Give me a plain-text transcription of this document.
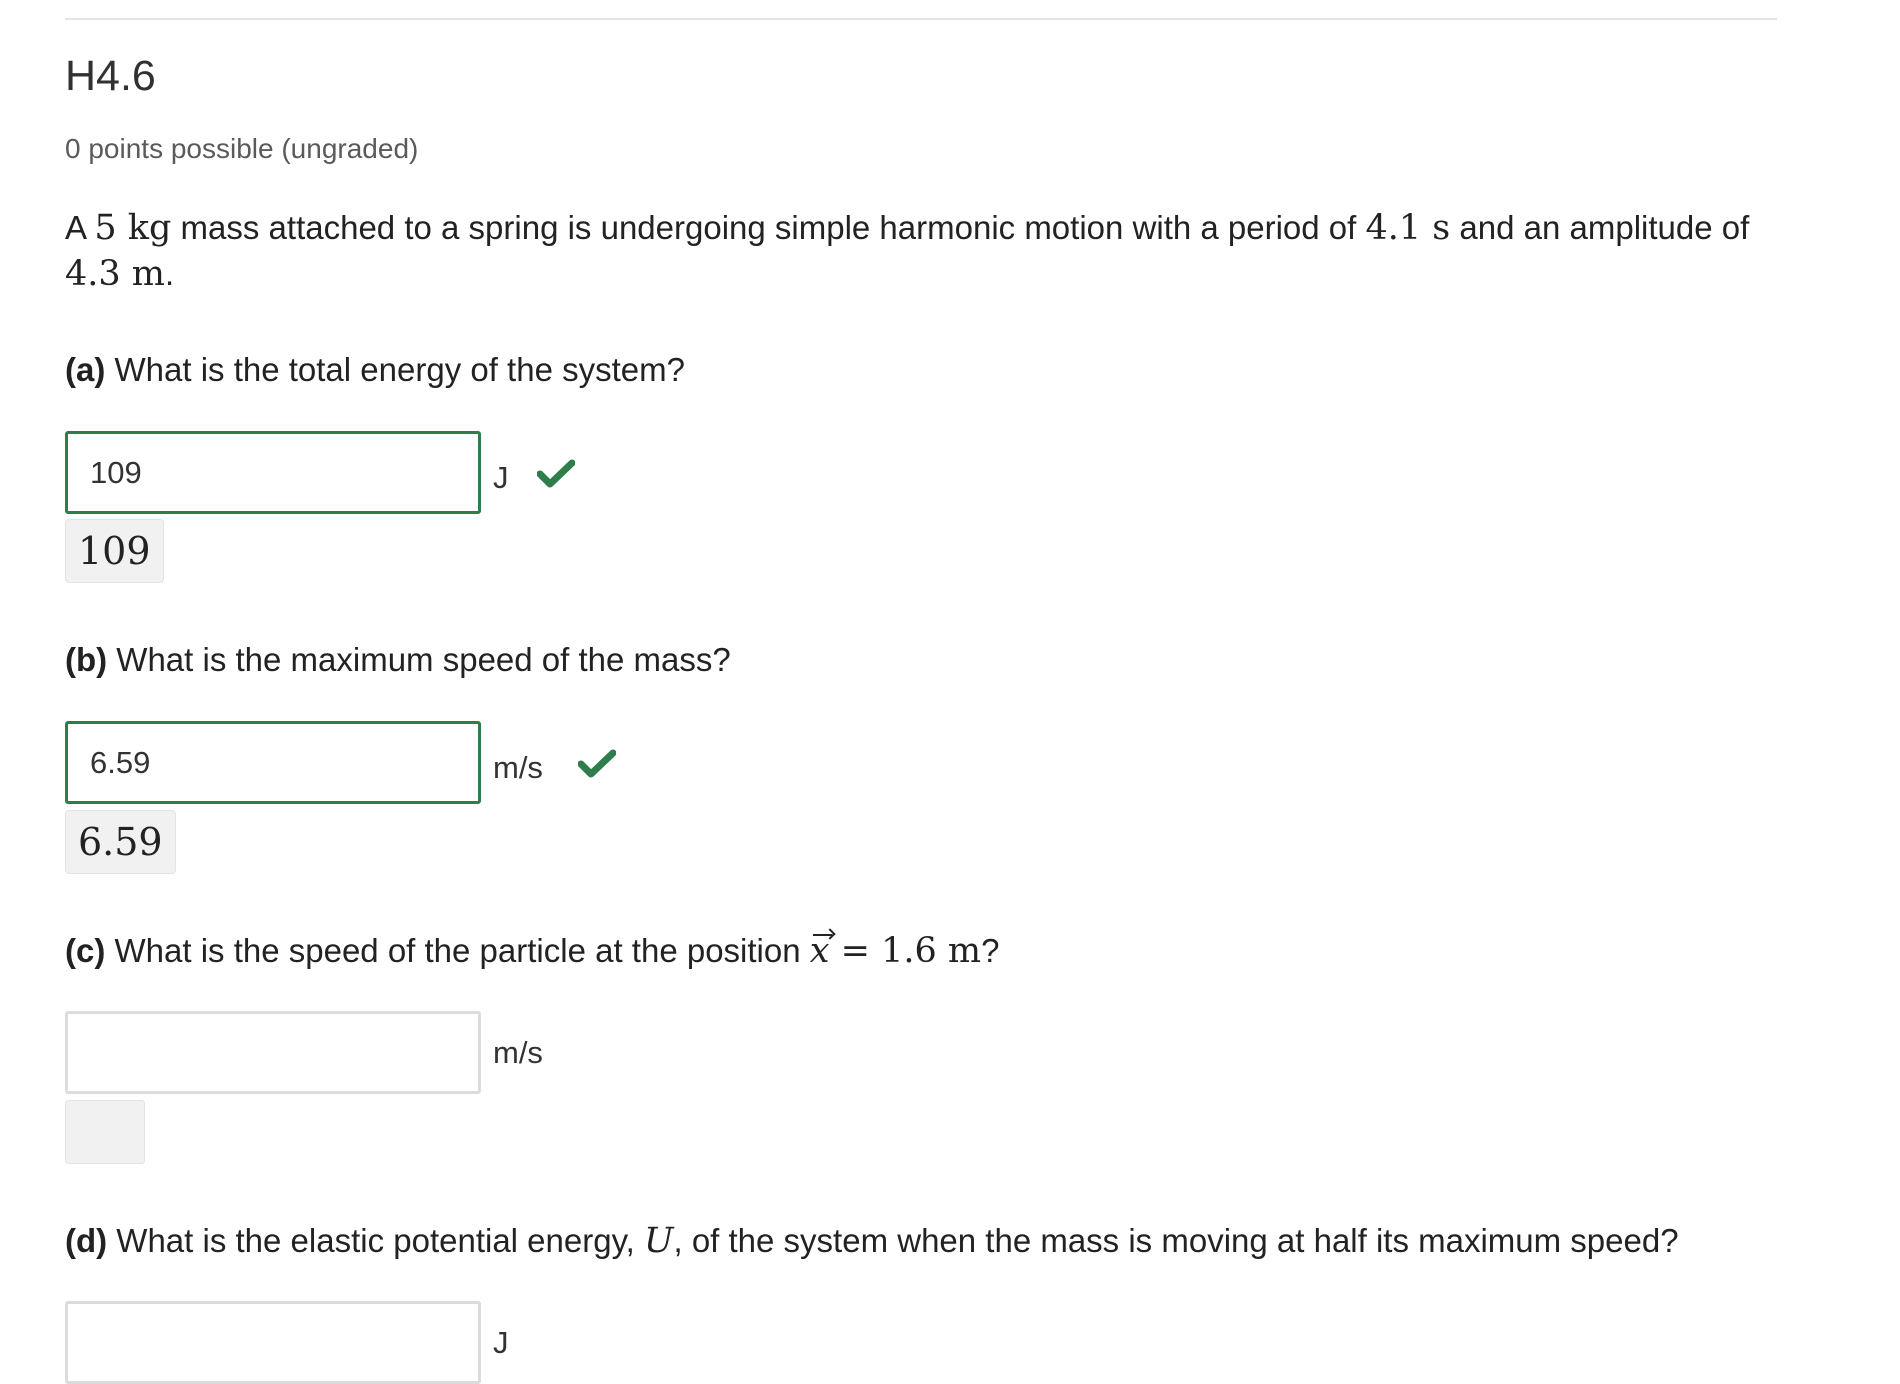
H4.6
0 points possible (ungraded)

A 5 kg mass attached to a spring is undergoing simple harmonic motion with a period of 4.1 s and an amplitude of 4.3 m.

(a) What is the total energy of the system?

109
J
109

(b) What is the maximum speed of the mass?

6.59
m/s
6.59

(c) What is the speed of the particle at the position x = 1.6 m?

m/s

(d) What is the elastic potential energy, U, of the system when the mass is moving at half its maximum speed?

J
